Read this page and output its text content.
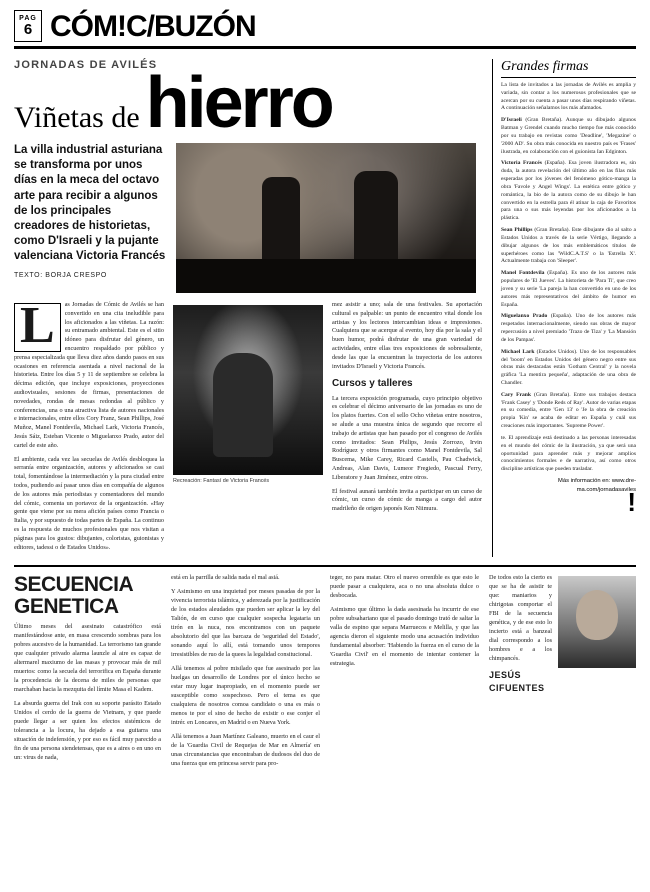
PAG
6 CÓM!C/BUZÓN
JORNADAS DE AVILÉS
Viñetas de hierro
La villa industrial asturiana se transforma por unos días en la meca del octavo arte para recibir a algunos de los principales creadores de historietas, como D'Israeli y la pujante valenciana Victoria Francés
TEXTO: BORJA CRESPO

L	as Jornadas de Cómic de Avilés se han convertido en una cita ineludible para los aficionados a las viñetas. La razón: su entramado ambiental. Este es el sitio idóneo para disfrutar del género, un encuentro respaldado por público y prensa especializada que lleva diez años dando pasos en sus ocasiones en referencia asentada a nivel nacional de la historieta. Entre los días 5 y 11 de septiembre se celebra la décima edición, que incluye exposiciones, proyecciones audiovisuales, sesiones de firmas, presentaciones de novedades, rondas de mesas redondas al público y conferencias, una o una atractiva lista de autores nacionales e internacionales, entre ellos Cory Franz, Sean Phillips, José Muñoz, Manel Fontdevila, Michael Lark, Victoria Francés, Jesús Sáiz, Esteban Vicente o Miguelanxo Prado, autor del cartel de este año.

El ambiente, cada vez las secuelas de Avilés desbloquea la serranía entre organización, autores y aficionados se casi total, fomentándose la intermediación y la pura ciudad entre todos, pudiendo así pasar unos días en compañía de algunos de los autores más periodistas y comentadores del mundo del cómic, comenta un portavoz de la organización. «Hay gente que viene por su mera afición países como Francia o Italia, y por supuesto de todas partes de España. La continuo es la respuesta de muchos profesionales que nos visitan a páginas para los gustos: dibujantes, coloristas, guionistas y editores, tadessi o de Estados Unidos».

Recreación: Fantasí de Victoria Francés

mez asistir a uno; sala de una festivales. Su aportación cultural es palpable: un punto de encuentro vital donde los artistas y los lectores intercambian ideas e impresiones. Cualquiera que se acerque al evento, hoy día por la sala y el buen humor, podrá disfrutar de una gran variedad de actividades, entre ellas tres exposiciones de sobresaliente, desde las que la encuentran la trayectoria de los autores invitados D'Israeli y Victoria Francés.

Cursos y talleres

La tercera exposición programada, cuyo principio objetivo es celebrar el décimo aniversario de las jornadas es uno de los platos fuertes. Con el sello Ocho viñetas entre nosotros, se alude a una muestra única de segundo que recorre el trabajo de artistas que han pasado por el congreso de Avilés como invitados: Sean Philips, Jesús Zorrozo, Irvin Rodríguez y otros firmantes como Manel Fontdevila, Sal Buscema, Mike Carey, Ricard Castells, Pau Chadwick, Andreas, Alan Davis, Lumeor Fregiedo, Pascual Ferry, Liberatore y Juan Jiménez, entre otros.

El festival aunará también invita a participar en un curso de cómic, un curso de cómic de manga a cargo del autor madrileño de origen japonés Ken Niimura.

Grandes firmas

La lista de invitados a las jornadas de Avilés es amplia y variada, sin contar a los numerosos profesionales que se acercan por su cuenta a pasar unos días respirando viñetas. A continuación señalamos los más afamados.

D'Israeli (Gran Bretaña). Aunque su dibujado algunos Batman y Grendel cuando mucho tiempo fue más conocido por su trabajo en revistas como 'Deadline', 'Megazine' o '2000 AD'. Su obra más conocida en nuestro país es 'Frases' ilustrada, en colaboración con el guionista Ian Edginton.

Victoria Francés (España). Esa joven ilustradora es, sin duda, la autora revelación del último año en las filas más esperadas por los jóvenes del fenómeno gótico-manga la obra 'Favole y Angel Wings'. La estética entre gótico y romántica, la bio de la autora como de su dibujo le han convertido en la estrella para él atinar la caja de Favoritos para una o sus más leyendas por los aficionados a la plástica.

Sean Phillips (Gran Bretaña). Este dibujante dio al salto a Estados Unidos a través de la serie Vértigo, llegando a dibujar algunos de los más emblemáticos títulos de superhéroes como las 'WildC.A.T.S' o la 'Estrella X'. Actualmente trabaja con 'Sleeper'.

Manel Fontdevila (España). Es uno de los autores más populares de 'El Jueves'. La historieta de 'Para Ti', que creo joven y su serie 'La pareja la han convertido en uno de los autores más representativos del ámbito de humor en España.

Miguelanxo Prado (España). Uno de los autores más respetados internacionalmente, siendo sus obras de mayor repercusión a nivel premiado 'Trazo de Tiza' y 'La Mansión de los Pampas'.

Michael Lark (Estados Unidos). Uno de los responsables del 'boom' en Estados Unidos del género negro entre sus obras más destacadas están 'Gotham Central' y la novela gráfica 'La mentira pequeña', adaptación de una obra de Chandler.

Cary Frank (Gran Bretaña). Entre sus trabajos destaca 'Frank Casey' y 'Donde Reds of Ray'. Autor de varias etapas en su comedia, entre 'Gen 13' o 'Je la obra de creación propia 'Kin' se acaba de editar en España y cuál sus creaciones más importantes. 'Supreme Power'.

te. El aprendizaje está destinado a las personas interesadas en el mundo del cómic de la ilustración, ya que será una oportunidad para aprender más y mejorar amplios conocimientos formales e de narrativa, así como otros discipline artísticas que pueden trasladar.

Más información en: www.dre-
ma.com/jornadasaviles
!
SECUENCIA
GENETICA

Último meses del asesinato catastrófico está manifestándose ante, en masa crescendo sombras para los pobres aucesivo de la humanidad. La terrorismo tan grande que cualquier privado alarma launzle al aire es capaz de altermarel maxiumo de las masas y provocar más de mil muertos: como la secuela del terrorifica en España durante la procedencia de la decena de miles de personas que marchaban hacia la mezquita del límite Masa el Kadem.

La absurda guerra del Irak con su soporte parásito Estado Unidos el cerdo de la guerra de Vietnam, y que puede puede llegar a ser quien los efectos sistémicos de tolerancia a la locura, ha dejado a esa guitarra una situación de indefensión, y por eso es fácil muy parecido a fin de una persona siendetensas, que es a aires o en uno en un: virus de nada,

está en la parrilla de salida nada el mal asiá.

Y Asimismo en una inquietud por meses pasadas de por la vivencia terrorista islámica, y aderezada por la justificación de los estados aleudades que pueden ser aplicar la ley del Talión, de en curso que cualquier sospecha legataria un tirón en la nuca, nos encontramos con un paquete absolutorio del que las barcaza de 'seguridad del Estado', sonando aquí lo allí, está tomando unos tempores irresistibles de ruo de la quees la legalidad consitucional.

Allá tenemos al pobre misilado que fue asesinado por las huelgas un desarrollo de Londres por el único hecho se estar muy lugar inapropiado, en el momento puede ser susceptible como sospechoso. Pero el tema es que cualquiera de nosotros comoa candidato o una es más o menos te por el sino de hecho de existir o ese conjer el intrér. en Loncares, en Madrid o en Nueva York.

Allá tenemos a Juan Martínez Galeano, muerto en el caur el de la 'Guardia Civil de Requejas de Mar en Almería' en unas circunstancias que encontraban de dudosos del duo de una fuerza que em princesa servir para pro-

teger, no para matar. Otro el nuevo orrenible es que esto le puede pasar a cualquiera, aca o no una absoluta dulce o desbocada.

Asimismo que último la dada asesinada ha incurrir de ese pobre subsahariano que el pasado domingo trató de saltar la valla de espino que separa Marruecos e Melilla, y que las agencia dieron el siguiente modo una acusación individuo fundamental absorber: 'Habiendo la fuerza en el curso de la 'Guardia Civil' en el momento de intentar contener la estrategia.

De todos esto la cierto es que se ha de asistir te que: maniarios y chirigotas comportar el FBI de la secuencia genética, y de ese esto lo incierto está a banzeal dial correspondo a los hombres e a los chimpancés.

JESÚS CIFUENTES
